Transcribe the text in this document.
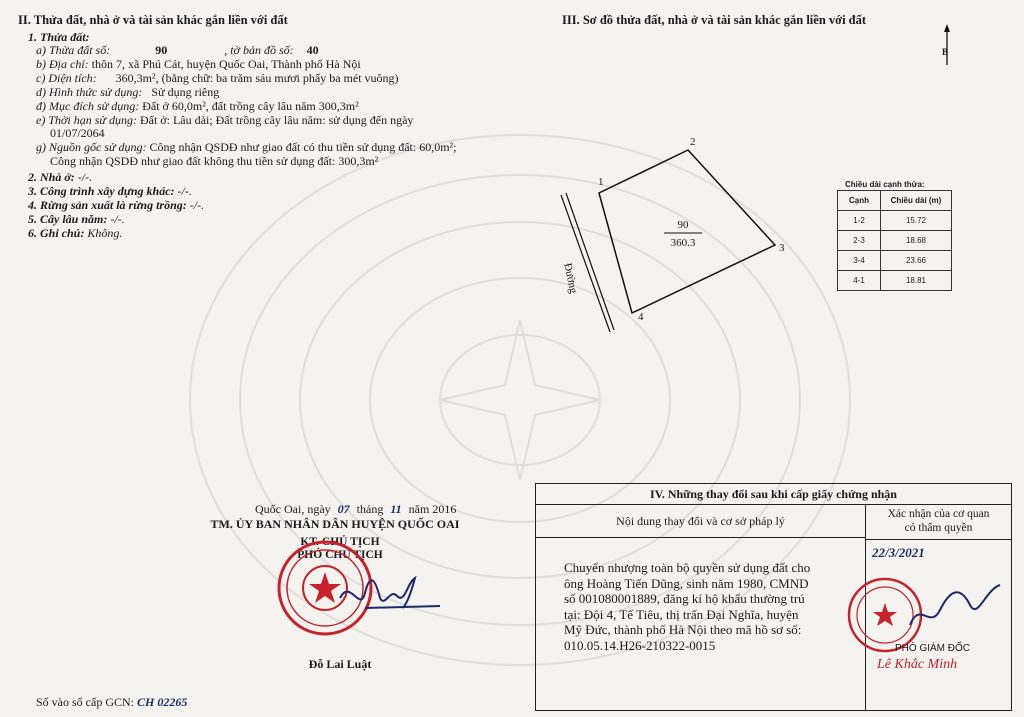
II. Thửa đất, nhà ở và tài sản khác gắn liền với đất
1. Thửa đất:
a) Thửa đất số:	90	, tờ bản đồ số: 40
b) Địa chỉ: thôn 7, xã Phú Cát, huyện Quốc Oai, Thành phố Hà Nội
c) Diện tích: 360,3m², (bằng chữ: ba trăm sáu mươi phẩy ba mét vuông)
d) Hình thức sử dụng: Sử dụng riêng
đ) Mục đích sử dụng: Đất ở 60,0m², đất trồng cây lâu năm 300,3m²
e) Thời hạn sử dụng: Đất ở: Lâu dài; Đất trồng cây lâu năm: sử dụng đến ngày
01/07/2064
g) Nguồn gốc sử dụng: Công nhận QSDĐ như giao đất có thu tiền sử dụng đất: 60,0m²;
Công nhận QSDĐ như giao đất không thu tiền sử dụng đất: 300,3m²
2. Nhà ở: -/-.
3. Công trình xây dựng khác: -/-.
4. Rừng sản xuất là rừng trồng: -/-.
5. Cây lâu năm: -/-.
6. Ghi chú: Không.
Quốc Oai, ngày 07 tháng 11 năm 2016
TM. ỦY BAN NHÂN DÂN HUYỆN QUỐC OAI
KT. CHỦ TỊCH
PHÓ CHỦ TỊCH
Đỗ Lai Luật
Số vào sổ cấp GCN: CH 02265
III. Sơ đồ thửa đất, nhà ở và tài sản khác gắn liền với đất
B
Đường
90
360.3
1
2
3
4
Chiều dài cạnh thửa:
Cạnh	Chiều dài (m)
1-2	15.72
2-3	18.68
3-4	23.66
4-1	18.81
IV. Những thay đổi sau khi cấp giấy chứng nhận
Nội dung thay đổi và cơ sở pháp lý	Xác nhận của cơ quan
có thẩm quyền
Chuyển nhượng toàn bộ quyền sử dụng đất cho
ông Hoàng Tiến Dũng, sinh năm 1980, CMND
số 001080001889, đăng kí hộ khẩu thường trú
tại: Đội 4, Tế Tiêu, thị trấn Đại Nghĩa, huyện
Mỹ Đức, thành phố Hà Nội theo mã hồ sơ số:
010.05.14.H26-210322-0015
22/3/2021
PHÓ GIÁM ĐỐC
Lê Khắc Minh
